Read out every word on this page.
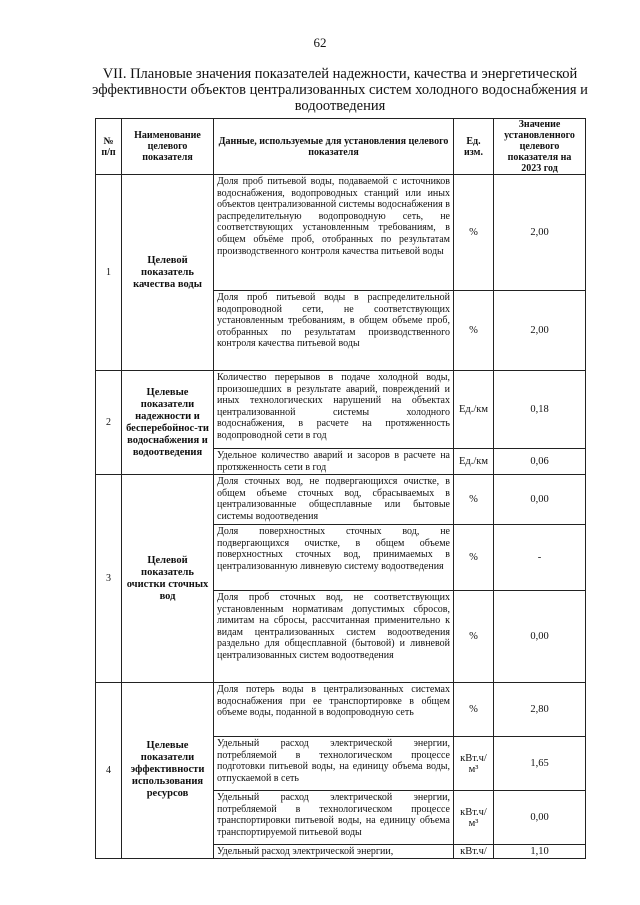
62
VII. Плановые значения показателей надежности, качества и энергетической эффективности объектов централизованных систем холодного водоснабжения и водоотведения
№ п/п	Наименование целевого показателя	Данные, используемые для установления целевого показателя	Ед. изм.	Значение установленного целевого показателя на 2023 год
1	Целевой показатель качества воды	Доля проб питьевой воды, подаваемой с источников водоснабжения, водопроводных станций или иных объектов централизованной системы водоснабжения в распределительную водопроводную сеть, не соответствующих установленным требованиям, в общем объёме проб, отобранных по результатам производственного контроля качества питьевой воды	%	2,00
		Доля проб питьевой воды в распределительной водопроводной сети, не соответствующих установленным требованиям, в общем объеме проб, отобранных по результатам производственного контроля качества питьевой воды	%	2,00
2	Целевые показатели надежности и бесперебойнос-ти водоснабжения и водоотведения	Количество перерывов в подаче холодной воды, произошедших в результате аварий, повреждений и иных технологических нарушений на объектах централизованной системы холодного водоснабжения, в расчете на протяженность водопроводной сети в год	Ед./км	0,18
		Удельное количество аварий и засоров в расчете на протяженность сети в год	Ед./км	0,06
3	Целевой показатель очистки сточных вод	Доля сточных вод, не подвергающихся очистке, в общем объеме сточных вод, сбрасываемых в централизованные общесплавные или бытовые системы водоотведения	%	0,00
		Доля поверхностных сточных вод, не подвергающихся очистке, в общем объеме поверхностных сточных вод, принимаемых в централизованную ливневую систему водоотведения	%	-
		Доля проб сточных вод, не соответствующих установленным нормативам допустимых сбросов, лимитам на сбросы, рассчитанная применительно к видам централизованных систем водоотведения раздельно для общесплавной (бытовой) и ливневой централизованных систем водоотведения	%	0,00
4	Целевые показатели эффективности использования ресурсов	Доля потерь воды в централизованных системах водоснабжения при ее транспортировке в общем объеме воды, поданной в водопроводную сеть	%	2,80
		Удельный расход электрической энергии, потребляемой в технологическом процессе подготовки питьевой воды, на единицу объема воды, отпускаемой в сеть	кВт.ч/м³	1,65
		Удельный расход электрической энергии, потребляемой в технологическом процессе транспортировки питьевой воды, на единицу объема транспортируемой питьевой воды	кВт.ч/м³	0,00
		Удельный расход электрической энергии,	кВт.ч/	1,10
